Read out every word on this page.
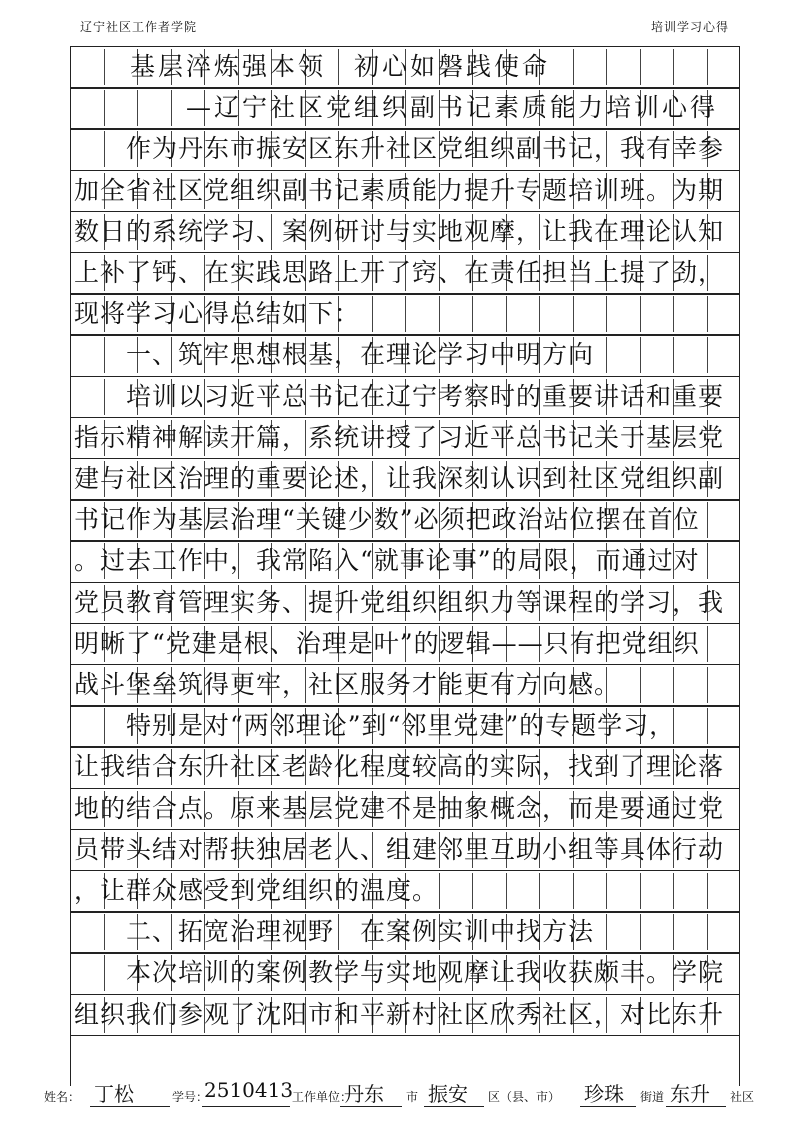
辽宁社区工作者学院	培训学习心得
　　基层淬炼强本领　初心如磐践使命
　　　　—辽宁社区党组织副书记素质能力培训心得
　　作为丹东市振安区东升社区党组织副书记，我有幸参
加全省社区党组织副书记素质能力提升专题培训班。为期
数日的系统学习、案例研讨与实地观摩，让我在理论认知
上补了钙、在实践思路上开了窍、在责任担当上提了劲，
现将学习心得总结如下：
　　一、筑牢思想根基，在理论学习中明方向
　　培训以习近平总书记在辽宁考察时的重要讲话和重要
指示精神解读开篇，系统讲授了习近平总书记关于基层党
建与社区治理的重要论述，让我深刻认识到社区党组织副
书记作为基层治理“关键少数”必须把政治站位摆在首位
。过去工作中，我常陷入“就事论事”的局限，而通过对
党员教育管理实务、提升党组织组织力等课程的学习，我
明晰了“党建是根、治理是叶”的逻辑——只有把党组织
战斗堡垒筑得更牢，社区服务才能更有方向感。
　　特别是对“两邻理论”到“邻里党建”的专题学习，
让我结合东升社区老龄化程度较高的实际，找到了理论落
地的结合点。原来基层党建不是抽象概念，而是要通过党
员带头结对帮扶独居老人、组建邻里互助小组等具体行动
，让群众感受到党组织的温度。
　　二、拓宽治理视野　在案例实训中找方法
　　本次培训的案例教学与实地观摩让我收获颇丰。学院
组织我们参观了沈阳市和平新村社区欣秀社区，对比东升
姓名： 丁松	学号：
2510413
工作单位：
丹东 市 振安 区（县、市） 珍珠 街道 东升 社区
